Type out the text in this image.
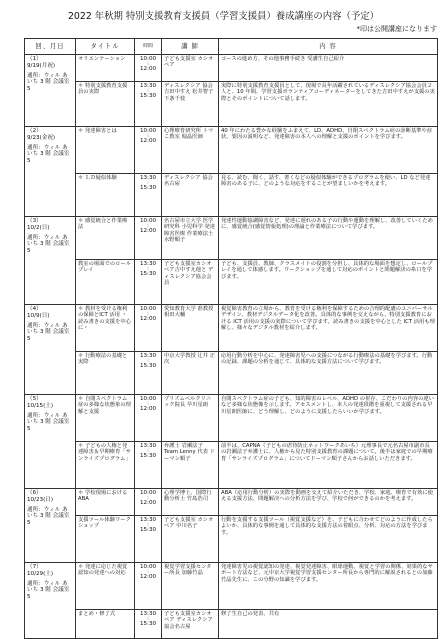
2022 年秋期 特別支援教育支援員（学習支援員）養成講座の内容（予定）
*印は公開講座になります
回、月日	タイトル	時間	講 師	内 容

（1）
9/19(月祝)
通所：ウィル あいち 3 階 会議室 5	オリエンテーション	10:00
｜
12:00	子ども支援室 カシオペア	コースの進め方、その他事務手続き 受講生自己紹介
	＊ 特別支援教育支援員の実際	13:30
｜
15:30	ディスレクシア 協会 吉田中すえ 松井智子 下条千枝	実際に特別支援教育支援員として、現場で長年活躍されているディスレクシア協会会員２人と、10 年間、学習支援ボランティアコーディネーターをしてきた吉田中すえが支援の実際とそのポイントについて話します。

（2）
9/23(金祝)
通所：ウィル あいち 3 階 会議室 5	＊ 発達障害とは	10:00
｜
12:00	心理療育研究所 トマこ教室 堀晶医師	40 年にわたる豊かな経験をふまえて、LD、ADHD、自閉スペクトラム症の診断基準や症状、要因の説明など、発達障害の本人への理解と支援のポイントを学びます。
	＊ ＬＤ疑似体験	13:30
｜
15:30	ディスレクシア 協会名古屋	見る、読む、聞く、話す、書くなどの疑似体験ができるプログラムを使い、LD など発達障害のある子に、どのような対応をすることが望ましいかを考えます。

（3）
10/2(日)
通所：ウィル あいち 3 階 会議室 5	＊ 感覚統合と作業療法	10:00
｜
12:00	名古屋市立大学 医学研究科 小児科学 発達障害医療 作業療法士 水野順子	発達性運動協調障害など、発達に遅れのある子の行動や運動を理解し、改善していくために、感覚統合(感覚情報処理)の理論と作業療法について学びます。
	教室の場面でのロールプレイ	13:30
｜
15:30	子ども支援室カシオペア吉中すえ他と ディスレクシア協会会員	子ども、支援員、教師、クラスメイトの役割を分担し、具体的な場面を想定し、ロールプレイを通して体感します。ワークショップを通して対応のポイントと問題解決の糸口を学びます。

（4）
10/9(日)
通所：ウィル あいち 3 階 会議室 5	＊ 教材を受ける権利の保障とICT 活用 ・読み書きの支援を中心に・	10:00
｜
12:00	愛知教育大学 准教授 相田大輔	視覚障害教育の立場から、教育を受ける権利を保障するための合理的配慮のユニバーサルデザイン、教材デジタルデータ化を改善。具体的な事例を交えながら、特別支援教育における ICT 活用の支援の実際について学びます。読み書きの支援を中心とした ICT 活用も理解し、様々なデジタル教材を紹介します。
	＊ 行動療法の基礎と実際	13:30
｜
15:30	中京大学教授 辻井 正次	応用行動分析を中心に、発達障害児への支援につながる行動療法の基礎を学びます。行動の記録、課題の分析を通じて、具体的な支援方法について学びます。

（5）
10/15(土)
通所：ウィル あいち 3 階 会議室 5	＊ 自閉スペクトラム症の多様な状態象の理解と支援	10:00
｜
12:00	プリズムベルクリニック院長 早川星朗	自閉スペクトラム症の子ども、知的障害のレベル、ADHD の併存、こだわりの内容の違いなど多様な状態像を示します。アセスメントし、本人の発達段階を重視して支援される早川星朗医師に、どう理解し、どのように支援したらいいか学びます。
	＊ 子どもの人権と発達障害＆早期療育「サンライズプログラム」	13:30
｜
15:30	弁護士 岩瀬法子 Team Lenny 代表 ドーマン順子	前半は、CAPNA（子どもの虐待防止ネットワークあいち）元理事長で元名古屋市副市長の岩瀬法子弁護士に、人権から見た特別支援教育の課題について。後半は家庭での早期療育「サンライズプログラム」についてドーマン順子さんからお話しいただきます。

（6）
10/23(日)
通所：ウィル あいち 3 階 会議室 5	＊ 学校現場における ABA	10:00
｜
12:00	心理学博士、国際行動分析士 竹島浩司	ABA（応用行動分析）の実際を動画を交えて紹介いただき、学校、家庭、療育で有効に使える支援方法、問題解決への分析方法を学び、学校で何ができるのかを考えます。
	支援ツール体験ワークショップ	13:30
｜
15:30	子ども支援室 カシオペア 中川名子	行動を支援する支援ツール（視覚支援など）を、子どもに合わせてどのように作成したらよいか、具体的な事例を通して具体的な支援方法の着眼点、分析、対応の方法を学びます。

（7）
10/29(土)
通所：ウィル あいち 3 階 会議室 5	＊ 発達に応じた視覚認知の発達への対応	10:00
｜
12:00	視覚学習支援センター所長 加藤竹晶	発達障害児の視覚認知の発達、視覚発達障害、眼球運動、視覚と学習の関係、効果的なサポート方法など、元中京大学視覚学習支援センター所長から専門的に解説されるとの加藤竹晶先生に、この分野の知識を学びます。
	まとめ・修了式	13:30
｜
15:30	子ども支援室カシオペア ディスレクシア協会名古屋	修了生自己の発表、共有
